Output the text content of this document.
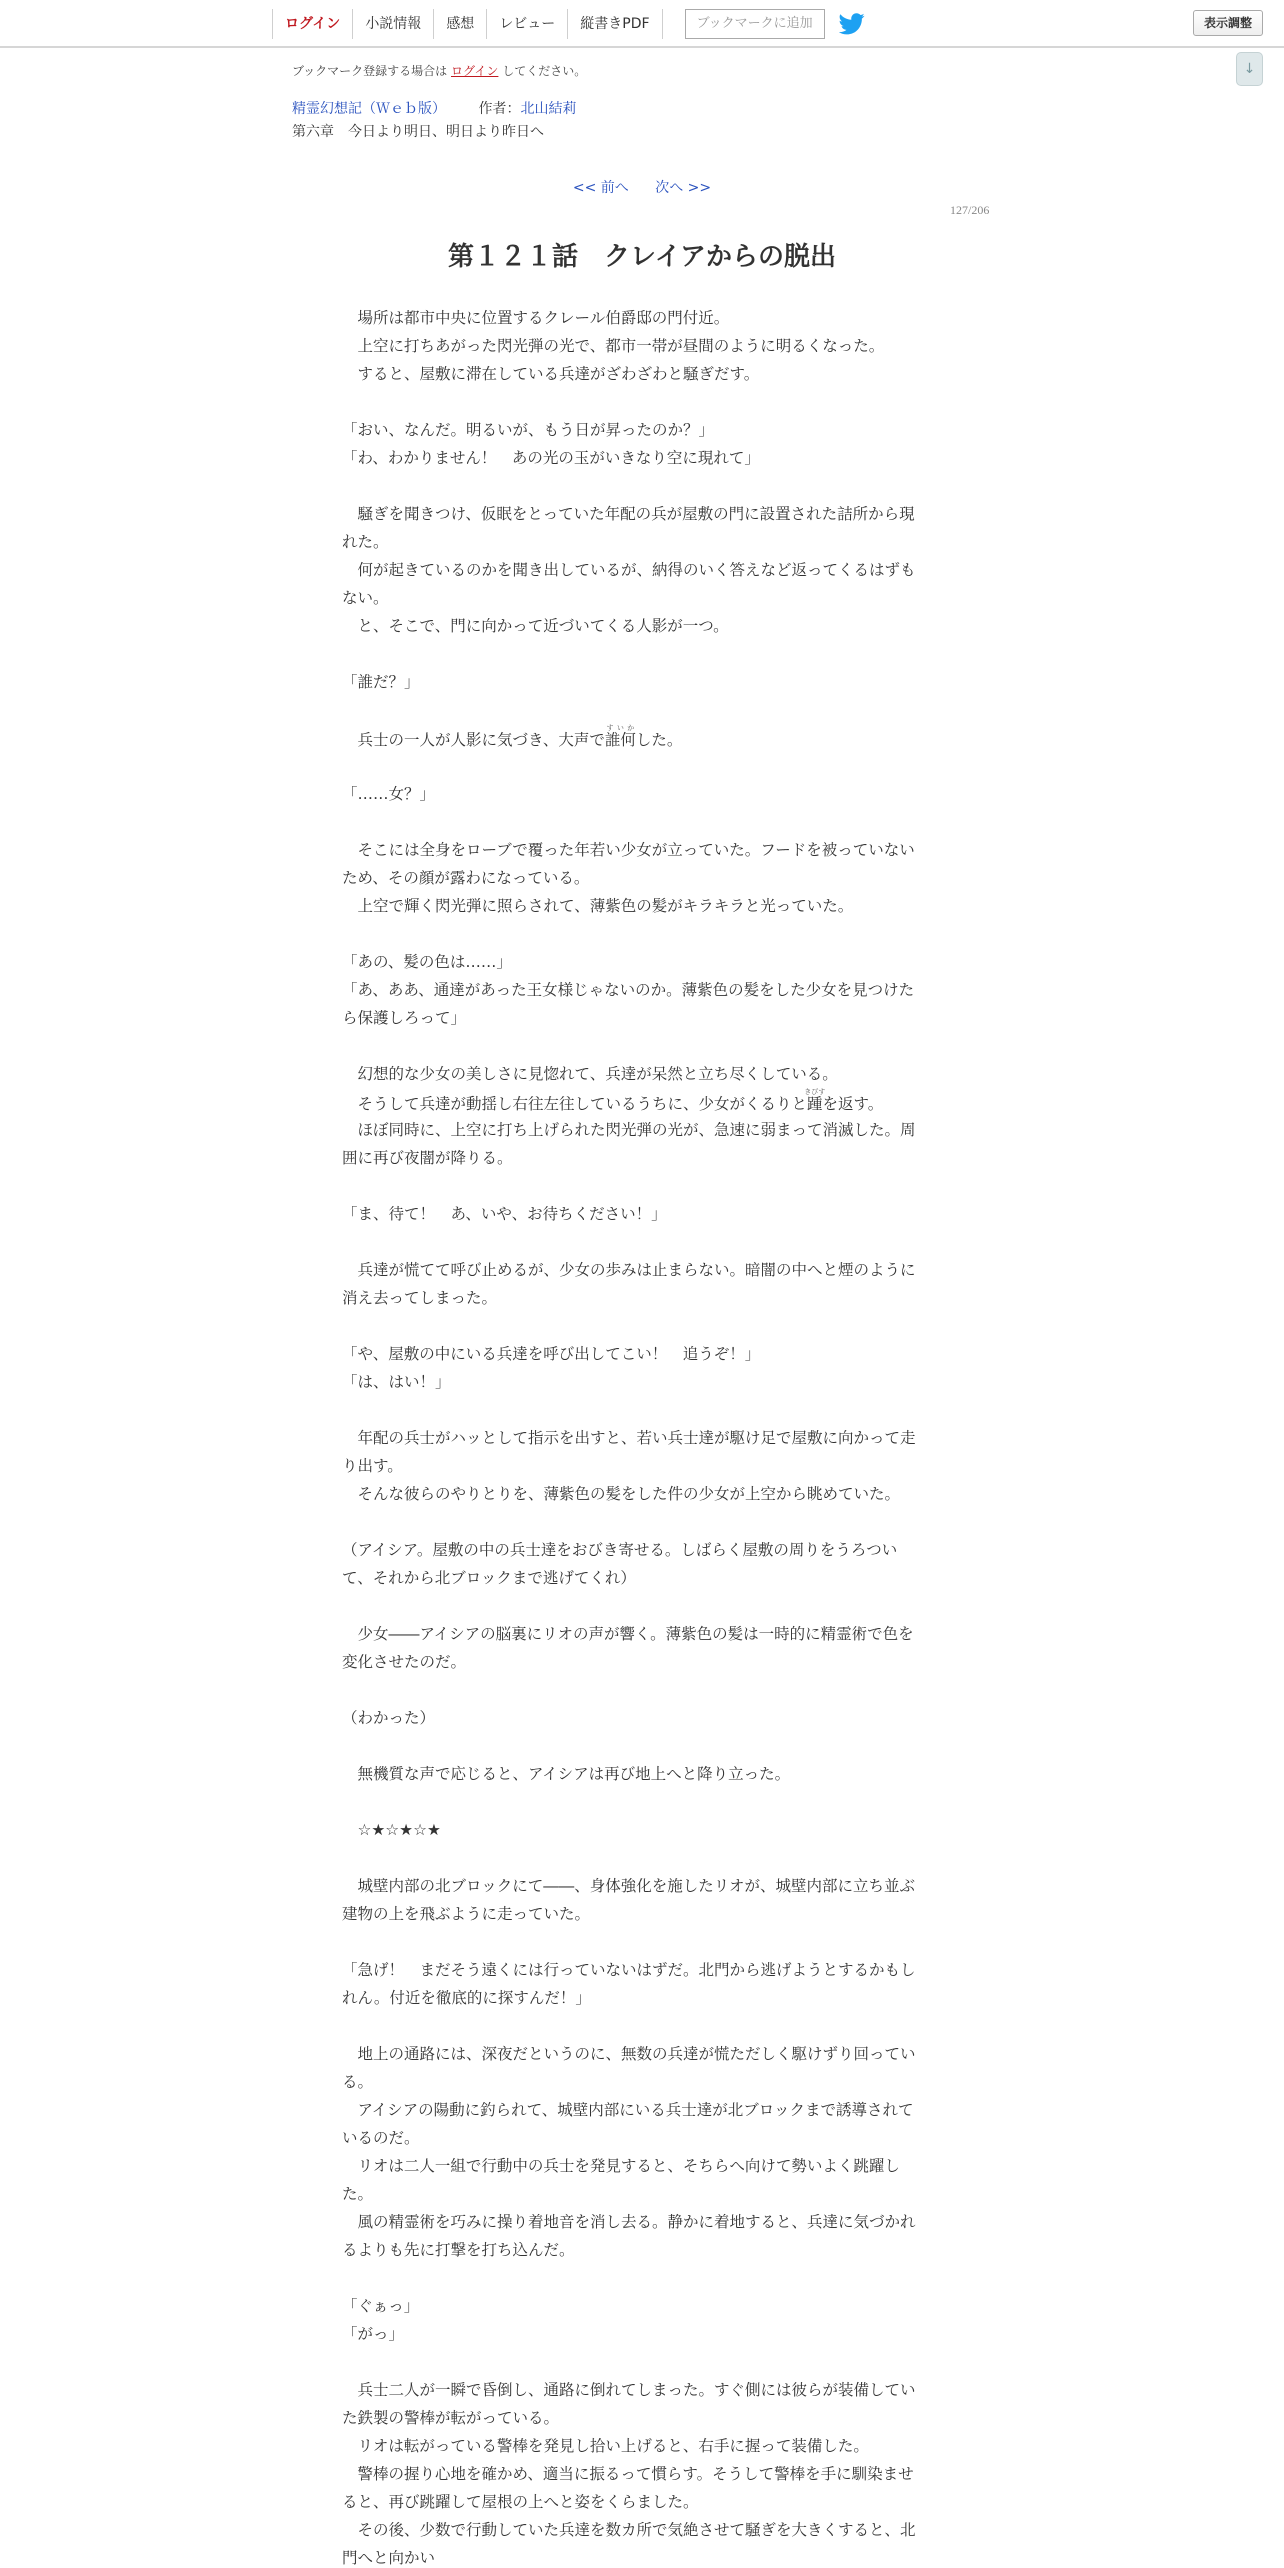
ログイン	小説情報	感想	レビュー	縦書きPDF	ブックマークに追加	表示調整
↓
ブックマーク登録する場合は ログイン してください。
精霊幻想記（Ｗｅｂ版） 作者：北山結莉
第六章　今日より明日、明日より昨日へ
<< 前へ 次へ >>
127/206
第１２１話　クレイアからの脱出
　場所は都市中央に位置するクレール伯爵邸の門付近。
　上空に打ちあがった閃光弾の光で、都市一帯が昼間のように明るくなった。
　すると、屋敷に滞在している兵達がざわざわと騒ぎだす。
「おい、なんだ。明るいが、もう日が昇ったのか？」
「わ、わかりません！　あの光の玉がいきなり空に現れて」
　騒ぎを聞きつけ、仮眠をとっていた年配の兵が屋敷の門に設置された詰所から現
れた。
　何が起きているのかを聞き出しているが、納得のいく答えなど返ってくるはずも
ない。
　と、そこで、門に向かって近づいてくる人影が一つ。
「誰だ？」
　兵士の一人が人影に気づき、大声で誰何すいかした。
「……女？」
　そこには全身をローブで覆った年若い少女が立っていた。フードを被っていない
ため、その顔が露わになっている。
　上空で輝く閃光弾に照らされて、薄紫色の髪がキラキラと光っていた。
「あの、髪の色は……」
「あ、ああ、通達があった王女様じゃないのか。薄紫色の髪をした少女を見つけた
ら保護しろって」
　幻想的な少女の美しさに見惚れて、兵達が呆然と立ち尽くしている。
　そうして兵達が動揺し右往左往しているうちに、少女がくるりと踵きびすを返す。
　ほぼ同時に、上空に打ち上げられた閃光弾の光が、急速に弱まって消滅した。周
囲に再び夜闇が降りる。
「ま、待て！　あ、いや、お待ちください！」
　兵達が慌てて呼び止めるが、少女の歩みは止まらない。暗闇の中へと煙のように
消え去ってしまった。
「や、屋敷の中にいる兵達を呼び出してこい！　追うぞ！」
「は、はい！」
　年配の兵士がハッとして指示を出すと、若い兵士達が駆け足で屋敷に向かって走
り出す。
　そんな彼らのやりとりを、薄紫色の髪をした件の少女が上空から眺めていた。
（アイシア。屋敷の中の兵士達をおびき寄せる。しばらく屋敷の周りをうろつい
て、それから北ブロックまで逃げてくれ）
　少女――アイシアの脳裏にリオの声が響く。薄紫色の髪は一時的に精霊術で色を
変化させたのだ。
（わかった）
　無機質な声で応じると、アイシアは再び地上へと降り立った。
　☆★☆★☆★
　城壁内部の北ブロックにて――、身体強化を施したリオが、城壁内部に立ち並ぶ
建物の上を飛ぶように走っていた。
「急げ！　まだそう遠くには行っていないはずだ。北門から逃げようとするかもし
れん。付近を徹底的に探すんだ！」
　地上の通路には、深夜だというのに、無数の兵達が慌ただしく駆けずり回ってい
る。
　アイシアの陽動に釣られて、城壁内部にいる兵士達が北ブロックまで誘導されて
いるのだ。
　リオは二人一組で行動中の兵士を発見すると、そちらへ向けて勢いよく跳躍し
た。
　風の精霊術を巧みに操り着地音を消し去る。静かに着地すると、兵達に気づかれ
るよりも先に打撃を打ち込んだ。
「ぐぁっ」
「がっ」
　兵士二人が一瞬で昏倒し、通路に倒れてしまった。すぐ側には彼らが装備してい
た鉄製の警棒が転がっている。
　リオは転がっている警棒を発見し拾い上げると、右手に握って装備した。
　警棒の握り心地を確かめ、適当に振るって慣らす。そうして警棒を手に馴染ませ
ると、再び跳躍して屋根の上へと姿をくらました。
　その後、少数で行動していた兵達を数カ所で気絶させて騒ぎを大きくすると、北
門へと向かい
